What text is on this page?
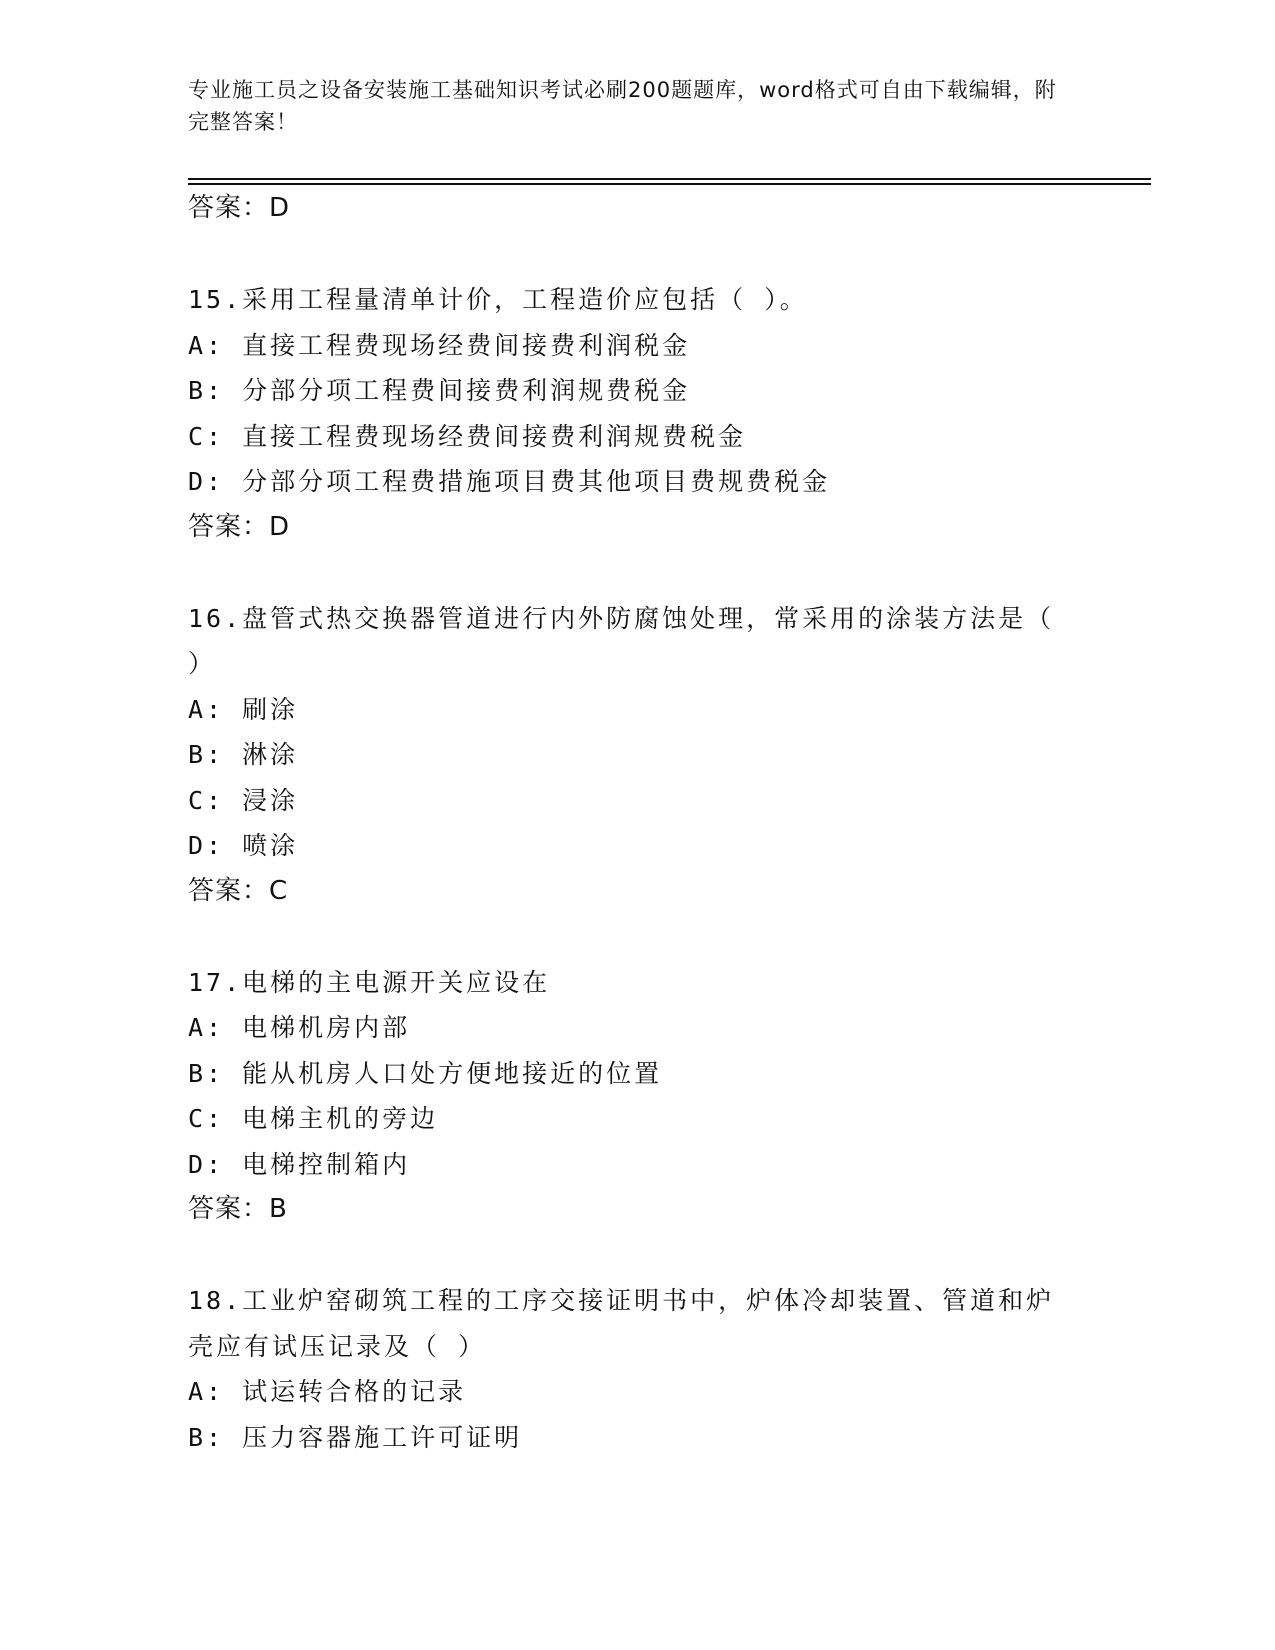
专业施工员之设备安装施工基础知识考试必刷200题题库，word格式可自由下载编辑，附完整答案！
答案：D
15.采用工程量清单计价，工程造价应包括（ ）。
A: 直接工程费现场经费间接费利润税金
B: 分部分项工程费间接费利润规费税金
C: 直接工程费现场经费间接费利润规费税金
D: 分部分项工程费措施项目费其他项目费规费税金
答案：D
16.盘管式热交换器管道进行内外防腐蚀处理，常采用的涂装方法是（ ）
A: 刷涂
B: 淋涂
C: 浸涂
D: 喷涂
答案：C
17.电梯的主电源开关应设在
A: 电梯机房内部
B: 能从机房人口处方便地接近的位置
C: 电梯主机的旁边
D: 电梯控制箱内
答案：B
18.工业炉窑砌筑工程的工序交接证明书中，炉体冷却装置、管道和炉壳应有试压记录及（ ）
A: 试运转合格的记录
B: 压力容器施工许可证明
